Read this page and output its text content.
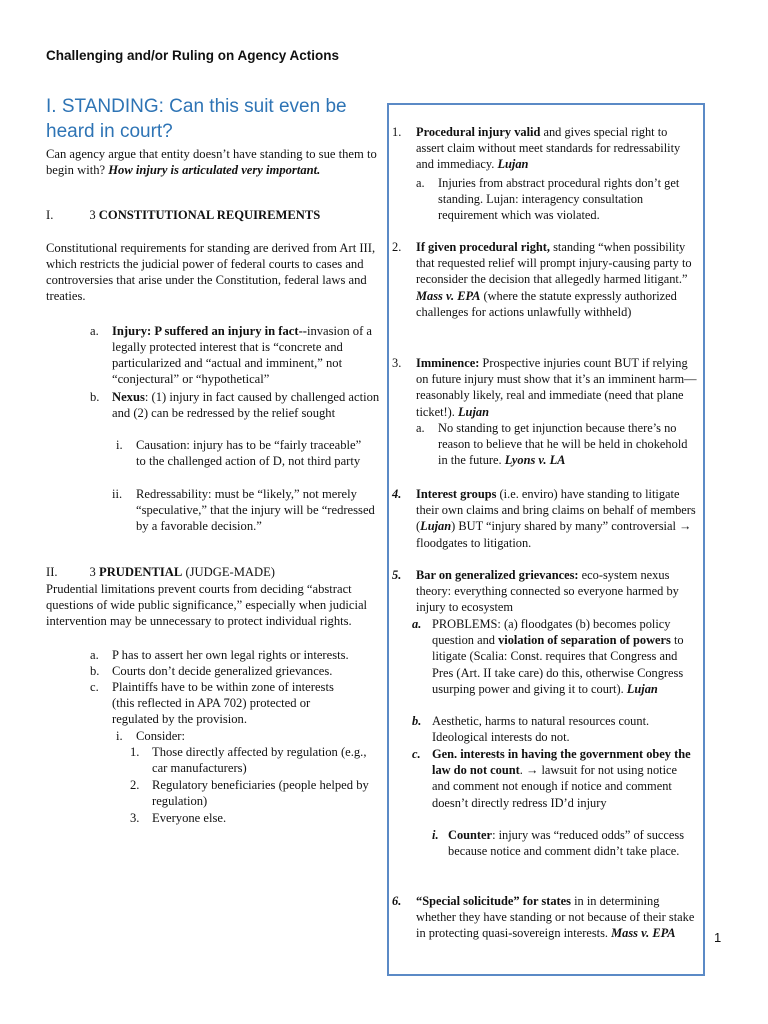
Challenging and/or Ruling on Agency Actions
I. STANDING: Can this suit even be heard in court?
Can agency argue that entity doesn’t have standing to sue them to begin with? How injury is articulated very important.
I.	3 CONSTITUTIONAL REQUIREMENTS
Constitutional requirements for standing are derived from Art III, which restricts the judicial power of federal courts to cases and controversies that arise under the Constitution, federal laws and treaties.
a. Injury: P suffered an injury in fact--invasion of a legally protected interest that is “concrete and particularized and “actual and imminent,” not “conjectural” or “hypothetical”
b. Nexus: (1) injury in fact caused by challenged action and (2) can be redressed by the relief sought
i. Causation: injury has to be “fairly traceable” to the challenged action of D, not third party
ii. Redressability: must be “likely,” not merely “speculative,” that the injury will be “redressed by a favorable decision.”
II.	3 PRUDENTIAL (JUDGE-MADE)
Prudential limitations prevent courts from deciding “abstract questions of wide public significance,” especially when judicial intervention may be unnecessary to protect individual rights.
a. P has to assert her own legal rights or interests.
b. Courts don’t decide generalized grievances.
c. Plaintiffs have to be within zone of interests (this reflected in APA 702) protected or regulated by the provision.
i. Consider:
1. Those directly affected by regulation (e.g., car manufacturers)
2. Regulatory beneficiaries (people helped by regulation)
3. Everyone else.
1. Procedural injury valid and gives special right to assert claim without meet standards for redressability and immediacy. Lujan
a. Injuries from abstract procedural rights don’t get standing. Lujan: interagency consultation requirement which was violated.
2. If given procedural right, standing “when possibility that requested relief will prompt injury-causing party to reconsider the decision that allegedly harmed litigant.” Mass v. EPA (where the statute expressly authorized challenges for actions unlawfully withheld)
3. Imminence: Prospective injuries count BUT if relying on future injury must show that it’s an imminent harm—reasonably likely, real and immediate (need that plane ticket!). Lujan
a. No standing to get injunction because there’s no reason to believe that he will be held in chokehold in the future. Lyons v. LA
4. Interest groups (i.e. enviro) have standing to litigate their own claims and bring claims on behalf of members (Lujan) BUT “injury shared by many” controversial → floodgates to litigation.
5. Bar on generalized grievances: eco-system nexus theory: everything connected so everyone harmed by injury to ecosystem
a. PROBLEMS: (a) floodgates (b) becomes policy question and violation of separation of powers to litigate (Scalia: Const. requires that Congress and Pres (Art. II take care) do this, otherwise Congress usurping power and giving it to court). Lujan
b. Aesthetic, harms to natural resources count. Ideological interests do not.
c. Gen. interests in having the government obey the law do not count. → lawsuit for not using notice and comment not enough if notice and comment doesn’t directly redress ID’d injury
i. Counter: injury was “reduced odds” of success because notice and comment didn’t take place.
6. “Special solicitude” for states in in determining whether they have standing or not because of their stake in protecting quasi-sovereign interests. Mass v. EPA	1
